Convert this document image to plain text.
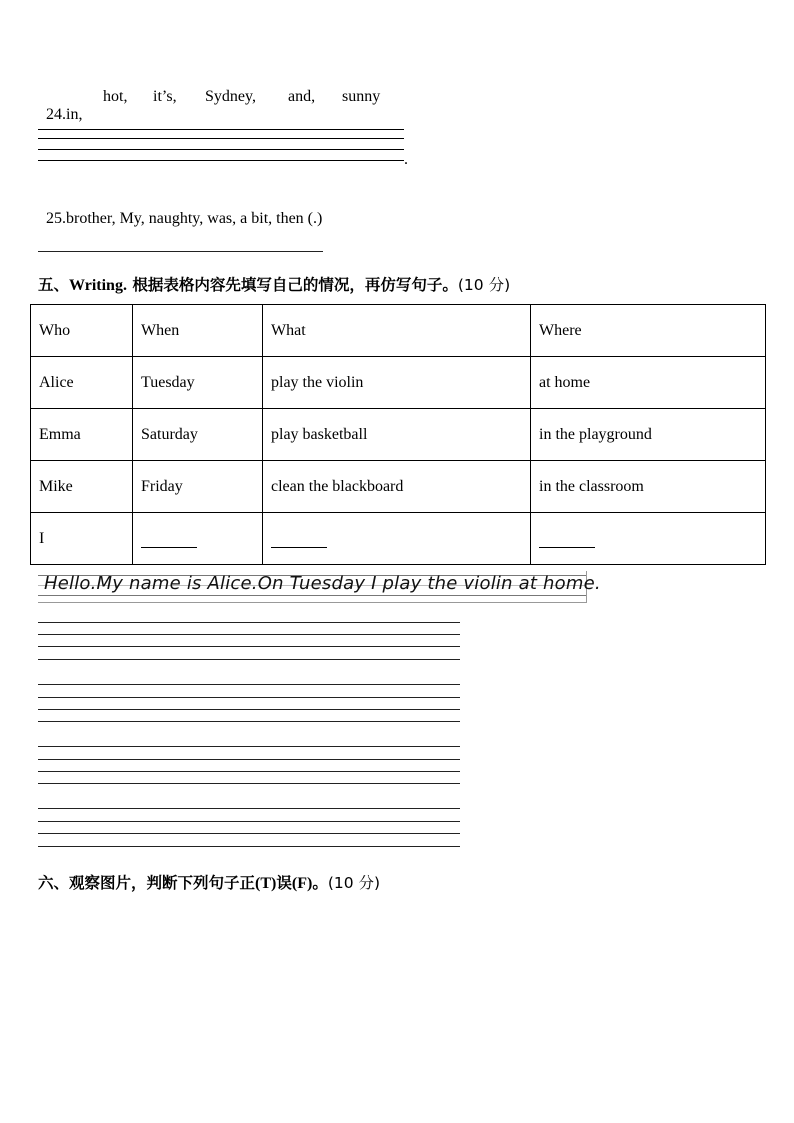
24.in,

hot, it’s, Sydney, and, sunny
.

25.brother, My, naughty, was, a bit, then (.)

五、Writing. 根据表格内容先填写自己的情况，再仿写句子。(10 分)
Who	When	What	Where
Alice	Tuesday	play the violin	at home
Emma	Saturday	play basketball	in the playground
Mike	Friday	clean the blackboard	in the classroom
I			
Hello.My name is Alice.On Tuesday I play the violin at home.
六、观察图片，判断下列句子正(T)误(F)。(10 分)
